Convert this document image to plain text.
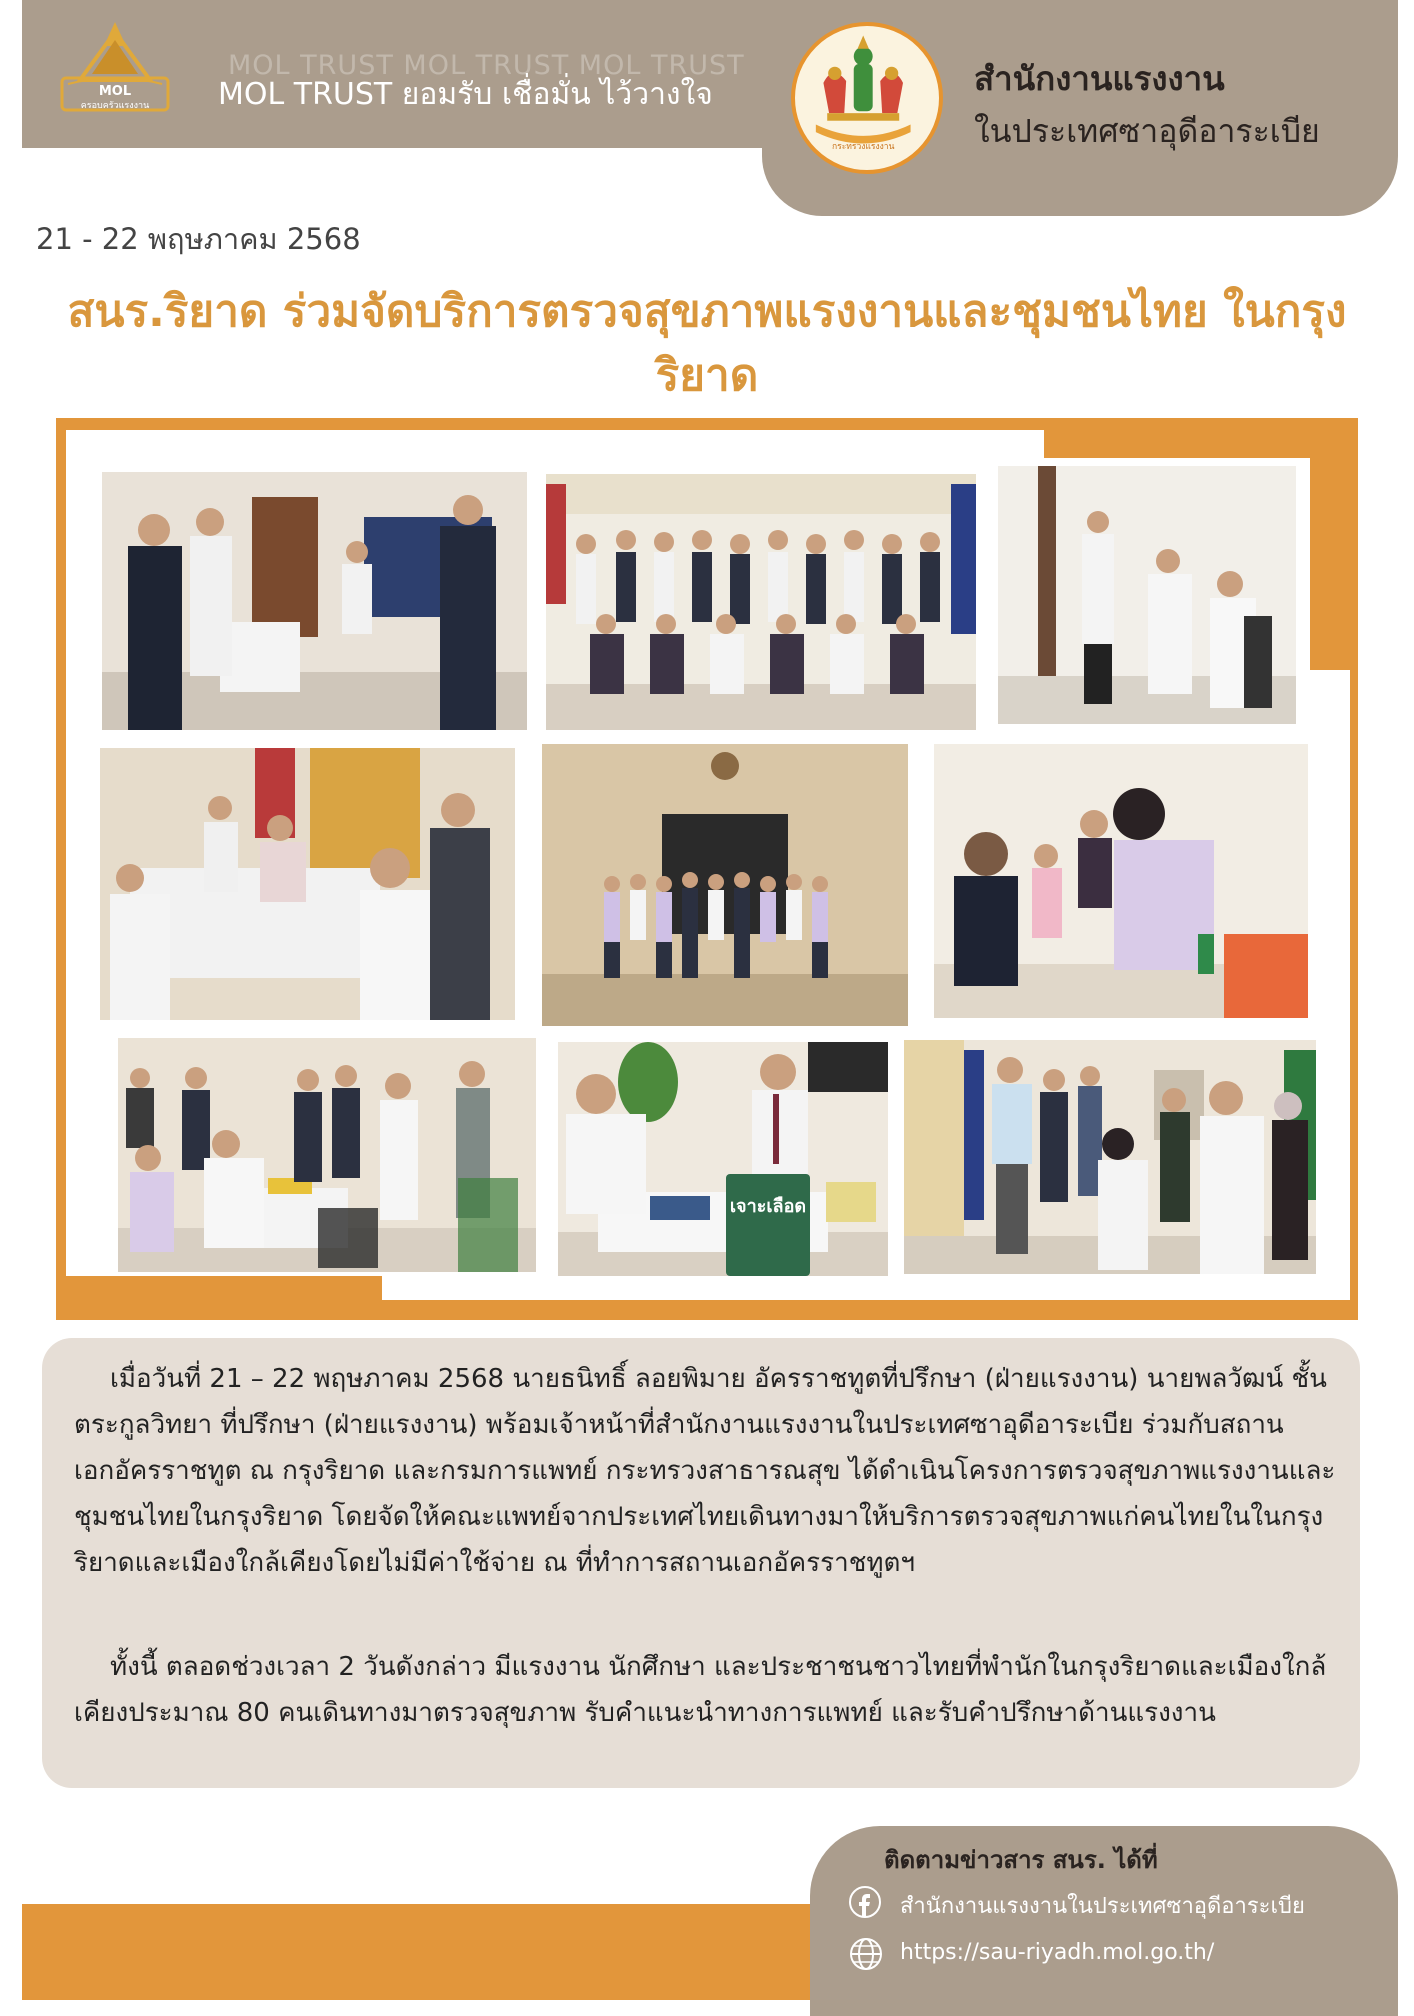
MOL
ครอบครัวแรงงาน
MOL TRUST MOL TRUST MOL TRUST
MOL TRUST ยอมรับ เชื่อมั่น ไว้วางใจ
กระทรวงแรงงาน
สำนักงานแรงงาน
ในประเทศซาอุดีอาระเบีย
21 - 22 พฤษภาคม 2568
สนร.ริยาด ร่วมจัดบริการตรวจสุขภาพแรงงานและชุมชนไทย ในกรุงริยาด
เจาะเลือด

เมื่อวันที่ 21 – 22 พฤษภาคม 2568 นายธนิทธิ์ ลอยพิมาย อัครราชทูตที่ปรึกษา (ฝ่ายแรงงาน) นายพลวัฒน์ ชั้นตระกูลวิทยา ที่ปรึกษา (ฝ่ายแรงงาน) พร้อมเจ้าหน้าที่สำนักงานแรงงานในประเทศซาอุดีอาระเบีย ร่วมกับสถานเอกอัครราชทูต ณ กรุงริยาด และกรมการแพทย์ กระทรวงสาธารณสุข ได้ดำเนินโครงการตรวจสุขภาพแรงงานและชุมชนไทยในกรุงริยาด โดยจัดให้คณะแพทย์จากประเทศไทยเดินทางมาให้บริการตรวจสุขภาพแก่คนไทยในในกรุงริยาดและเมืองใกล้เคียงโดยไม่มีค่าใช้จ่าย ณ ที่ทำการสถานเอกอัครราชทูตฯ

ทั้งนี้ ตลอดช่วงเวลา 2 วันดังกล่าว มีแรงงาน นักศึกษา และประชาชนชาวไทยที่พำนักในกรุงริยาดและเมืองใกล้เคียงประมาณ 80 คนเดินทางมาตรวจสุขภาพ รับคำแนะนำทางการแพทย์ และรับคำปรึกษาด้านแรงงาน

ติดตามข่าวสาร สนร. ได้ที่
สำนักงานแรงงานในประเทศซาอุดีอาระเบีย
https://sau-riyadh.mol.go.th/
